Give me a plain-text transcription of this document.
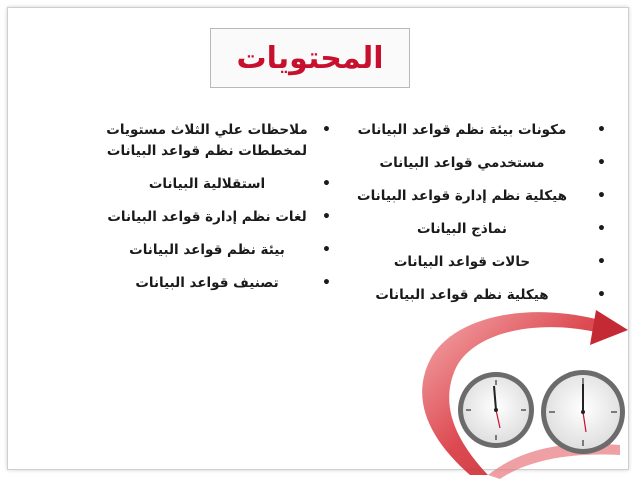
المحتويات
•
مكونات بيئة نظم قواعد البيانات
•
مستخدمي قواعد البيانات
•
هيكلية نظم إدارة قواعد البيانات
•
نماذج البيانات
•
حالات قواعد البيانات
•
هيكلية نظم قواعد البيانات
•
ملاحظات علي الثلاث مستويات لمخططات نظم قواعد البيانات
•
استقلالية البيانات
•
لغات نظم إدارة قواعد البيانات
•
بيئة نظم قواعد البيانات
•
تصنيف قواعد البيانات
